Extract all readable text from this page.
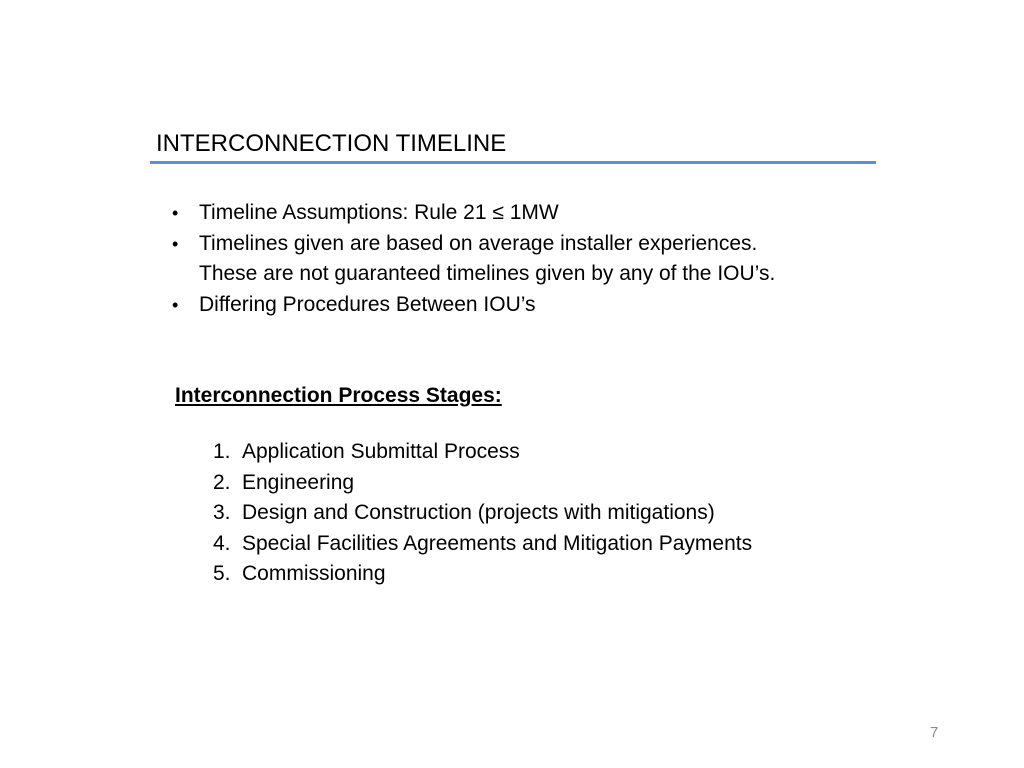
INTERCONNECTION TIMELINE
• Timeline Assumptions: Rule 21 ≤ 1MW
• Timelines given are based on average installer experiences. These are not guaranteed timelines given by any of the IOU’s.
• Differing Procedures Between IOU’s
Interconnection Process Stages:
1. Application Submittal Process
2. Engineering
3. Design and Construction (projects with mitigations)
4. Special Facilities Agreements and Mitigation Payments
5. Commissioning
7
